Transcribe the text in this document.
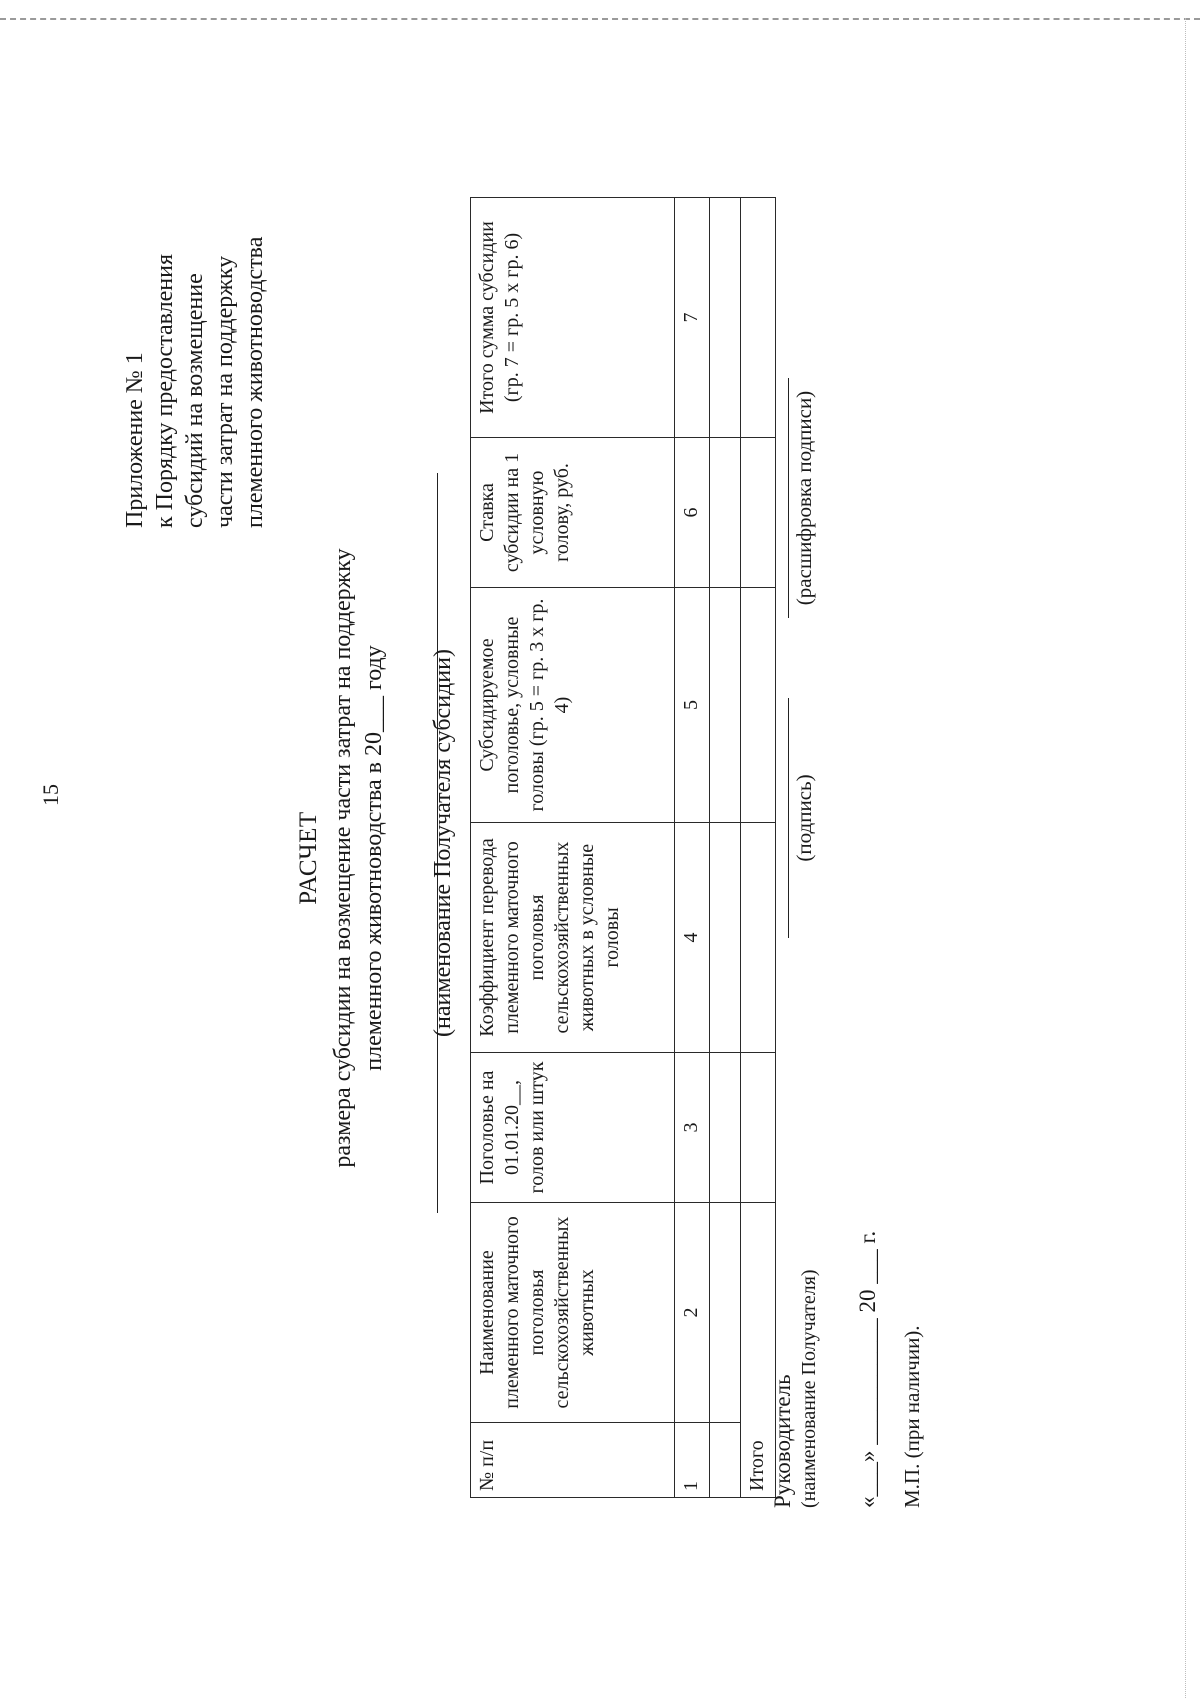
15
Приложение № 1 к Порядку предоставления субсидий на возмещение части затрат на поддержку племенного животноводства
РАСЧЕТ размера субсидии на возмещение части затрат на поддержку племенного животноводства в 20___ году (наименование Получателя субсидии)
№ п/п	Наименование племенного маточного поголовья сельскохозяйственных животных	Поголовье на 01.01.20__, голов или штук	Коэффициент перевода племенного маточного поголовья сельскохозяйственных животных в условные головы	Субсидируемое поголовье, условные головы (гр. 5 = гр. 3 х гр. 4)	Ставка субсидии на 1 условную голову, руб.	Итого сумма субсидии (гр. 7 = гр. 5 х гр. 6)
1	2	3	4	5	6	7

Итого						Руководитель (наименование Получателя)
(подпись)
(расшифровка подписи)
«___» ___________ 20 ___ г. М.П. (при наличии).
